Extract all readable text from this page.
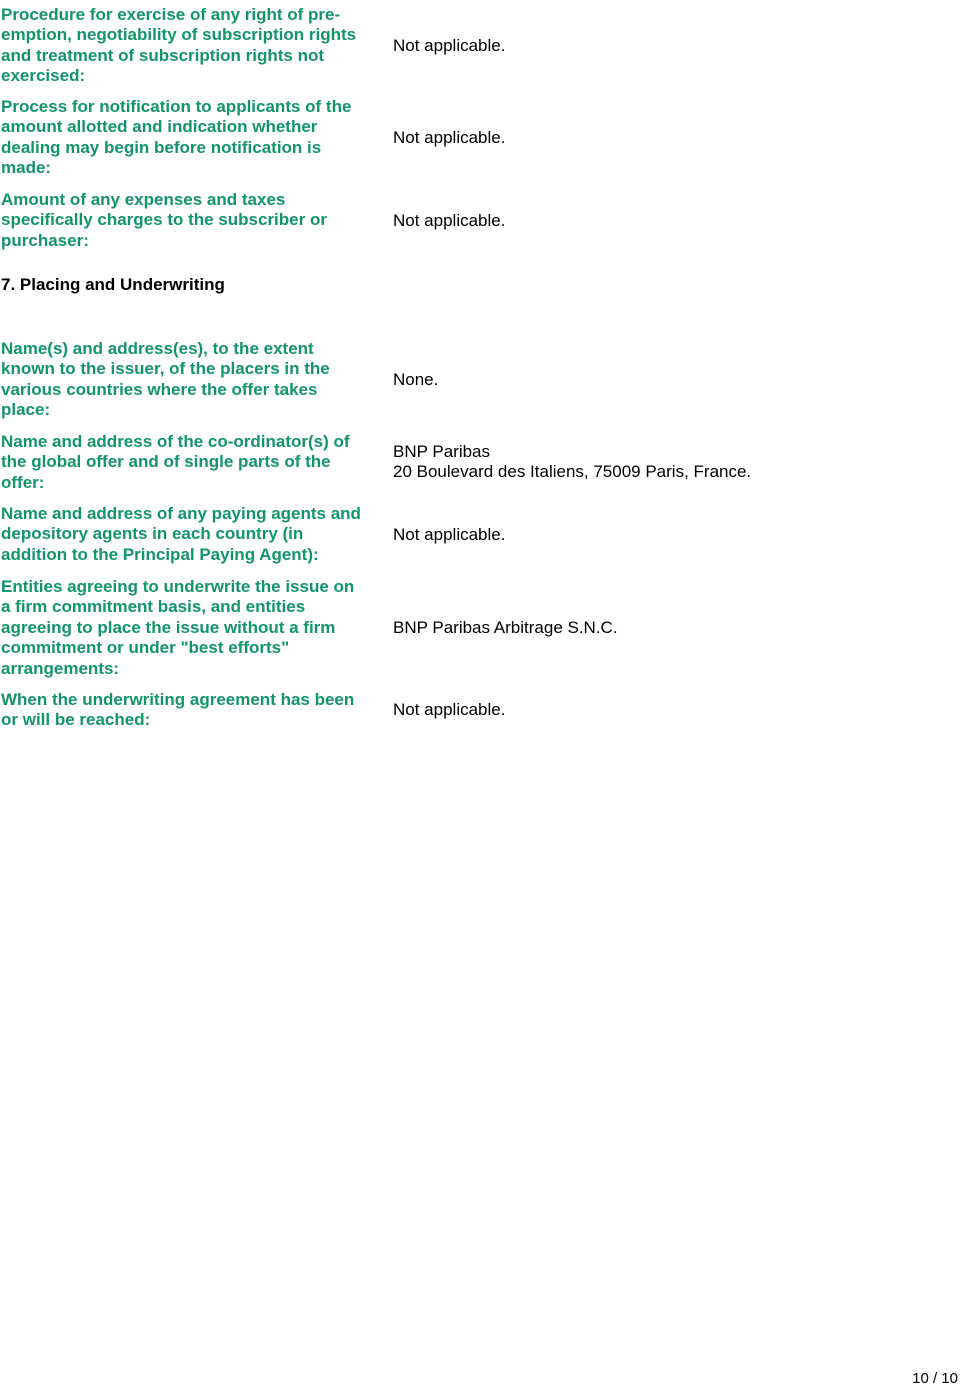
Procedure for exercise of any right of pre-
emption, negotiability of subscription rights
and treatment of subscription rights not
exercised:
Not applicable.
Process for notification to applicants of the
amount allotted and indication whether
dealing may begin before notification is
made:
Not applicable.
Amount of any expenses and taxes
specifically charges to the subscriber or
purchaser:
Not applicable.
7. Placing and Underwriting
Name(s) and address(es), to the extent
known to the issuer, of the placers in the
various countries where the offer takes
place:
None.
Name and address of the co-ordinator(s) of
the global offer and of single parts of the
offer:
BNP Paribas
20 Boulevard des Italiens, 75009 Paris, France.
Name and address of any paying agents and
depository agents in each country (in
addition to the Principal Paying Agent):
Not applicable.
Entities agreeing to underwrite the issue on
a firm commitment basis, and entities
agreeing to place the issue without a firm
commitment or under "best efforts"
arrangements:
BNP Paribas Arbitrage S.N.C.
When the underwriting agreement has been
or will be reached:
Not applicable.
10 / 10
